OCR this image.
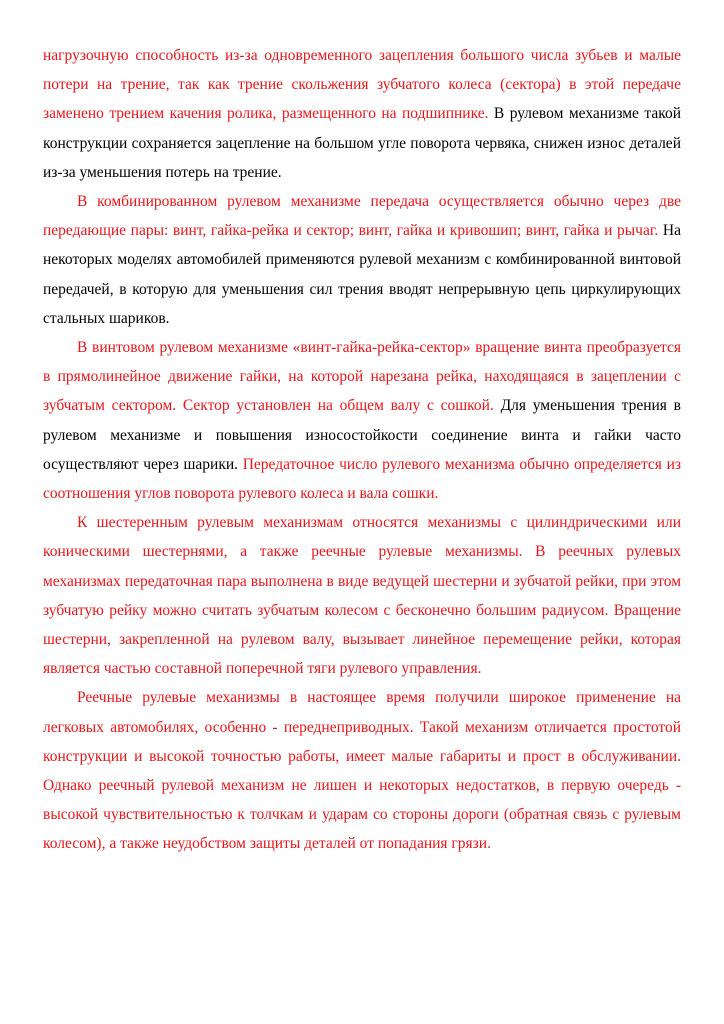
нагрузочную способность из-за одновременного зацепления большого числа зубьев и малые потери на трение, так как трение скольжения зубчатого колеса (сектора) в этой передаче заменено трением качения ролика, размещенного на подшипнике. В рулевом механизме такой конструкции сохраняется зацепление на большом угле поворота червяка, снижен износ деталей из-за уменьшения потерь на трение.

В комбинированном рулевом механизме передача осуществляется обычно через две передающие пары: винт, гайка-рейка и сектор; винт, гайка и кривошип; винт, гайка и рычаг. На некоторых моделях автомобилей применяются рулевой механизм с комбинированной винтовой передачей, в которую для уменьшения сил трения вводят непрерывную цепь циркулирующих стальных шариков.

В винтовом рулевом механизме «винт-гайка-рейка-сектор» вращение винта преобразуется в прямолинейное движение гайки, на которой нарезана рейка, находящаяся в зацеплении с зубчатым сектором. Сектор установлен на общем валу с сошкой. Для уменьшения трения в рулевом механизме и повышения износостойкости соединение винта и гайки часто осуществляют через шарики. Передаточное число рулевого механизма обычно определяется из соотношения углов поворота рулевого колеса и вала сошки.

К шестеренным рулевым механизмам относятся механизмы с цилиндрическими или коническими шестернями, а также реечные рулевые механизмы. В реечных рулевых механизмах передаточная пара выполнена в виде ведущей шестерни и зубчатой рейки, при этом зубчатую рейку можно считать зубчатым колесом с бесконечно большим радиусом. Вращение шестерни, закрепленной на рулевом валу, вызывает линейное перемещение рейки, которая является частью составной поперечной тяги рулевого управления.

Реечные рулевые механизмы в настоящее время получили широкое применение на легковых автомобилях, особенно - переднеприводных. Такой механизм отличается простотой конструкции и высокой точностью работы, имеет малые габариты и прост в обслуживании. Однако реечный рулевой механизм не лишен и некоторых недостатков, в первую очередь - высокой чувствительностью к толчкам и ударам со стороны дороги (обратная связь с рулевым колесом), а также неудобством защиты деталей от попадания грязи.
